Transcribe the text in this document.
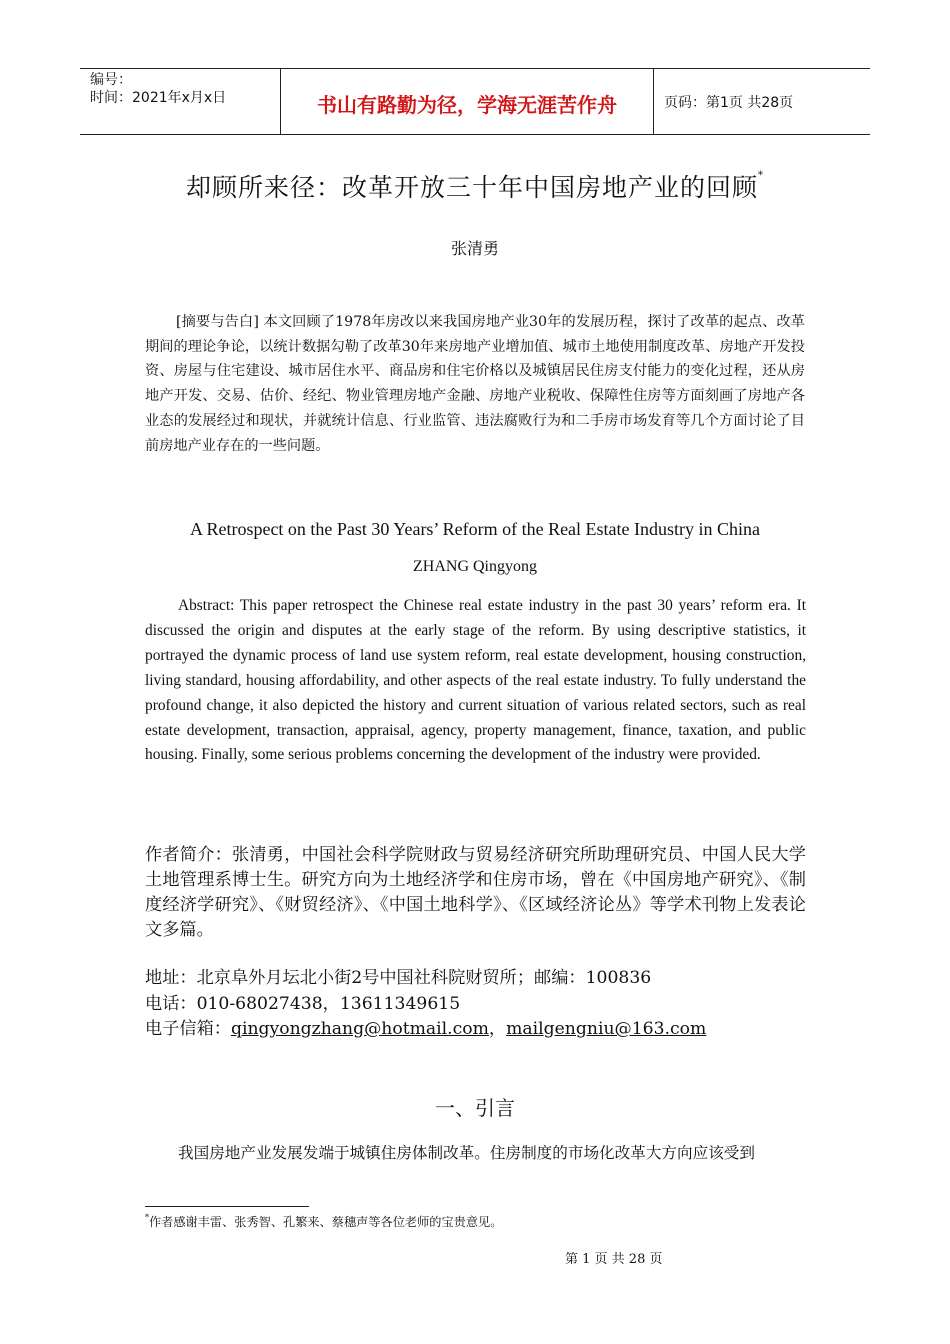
编号：
时间：2021年x月x日	书山有路勤为径，学海无涯苦作舟	页码：第1页 共28页
却顾所来径：改革开放三十年中国房地产业的回顾*
张清勇
[摘要与告白] 本文回顾了1978年房改以来我国房地产业30年的发展历程，探讨了改革的起点、改革期间的理论争论，以统计数据勾勒了改革30年来房地产业增加值、城市土地使用制度改革、房地产开发投资、房屋与住宅建设、城市居住水平、商品房和住宅价格以及城镇居民住房支付能力的变化过程，还从房地产开发、交易、估价、经纪、物业管理房地产金融、房地产业税收、保障性住房等方面刻画了房地产各业态的发展经过和现状，并就统计信息、行业监管、违法腐败行为和二手房市场发育等几个方面讨论了目前房地产业存在的一些问题。
A Retrospect on the Past 30 Years’ Reform of the Real Estate Industry in China
ZHANG Qingyong
Abstract: This paper retrospect the Chinese real estate industry in the past 30 years’ reform era. It discussed the origin and disputes at the early stage of the reform. By using descriptive statistics, it portrayed the dynamic process of land use system reform, real estate development, housing construction, living standard, housing affordability, and other aspects of the real estate industry. To fully understand the profound change, it also depicted the history and current situation of various related sectors, such as real estate development, transaction, appraisal, agency, property management, finance, taxation, and public housing. Finally, some serious problems concerning the development of the industry were provided.
作者简介：张清勇，中国社会科学院财政与贸易经济研究所助理研究员、中国人民大学土地管理系博士生。研究方向为土地经济学和住房市场，曾在《中国房地产研究》、《制度经济学研究》、《财贸经济》、《中国土地科学》、《区域经济论丛》等学术刊物上发表论文多篇。
地址：北京阜外月坛北小街2号中国社科院财贸所；邮编：100836
电话：010-68027438，13611349615
电子信箱：qingyongzhang@hotmail.com，mailgengniu@163.com
一、引言
我国房地产业发展发端于城镇住房体制改革。住房制度的市场化改革大方向应该受到
*作者感谢丰雷、张秀智、孔繁来、蔡穗声等各位老师的宝贵意见。
第 1 页 共 28 页
